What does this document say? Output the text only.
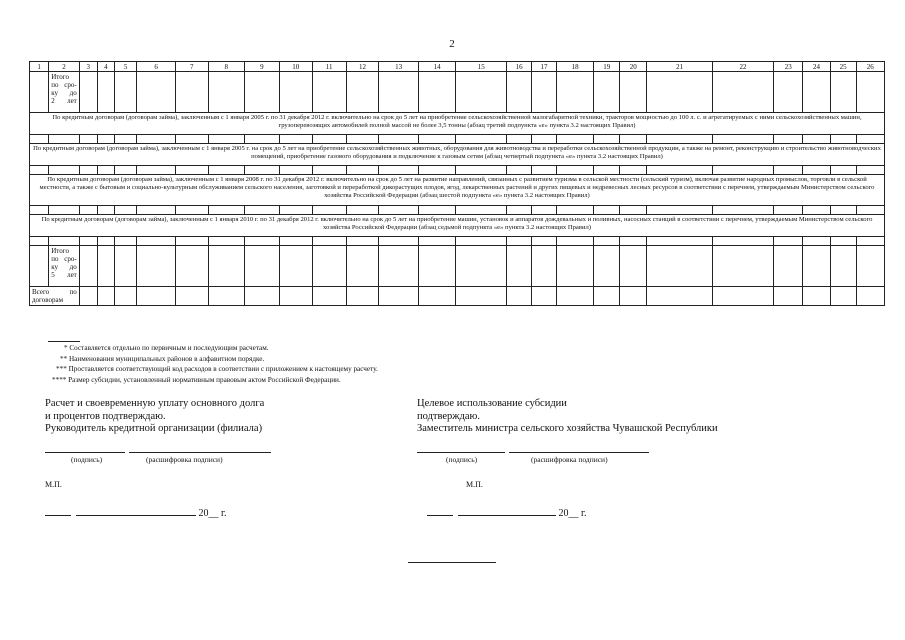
2
1	2	3	4	5	6	7	8	9	10	11	12	13	14	15	16	17	18	19	20	21	22	23	24	25	26

	Итого
по сро-
ку до
2 лет																								

По кредитным договорам (договорам займа), заключенным с 1 января 2005 г. по 31 декабря 2012 г. включительно на срок до 5 лет на приобретение сельскохозяйственной малогабаритной техники, тракторов мощностью до 100 л. с. и агрегатируемых с ними сельскохозяйственных машин, грузоперевозящих автомобилей полной массой не более 3,5 тонны (абзац третий подпункта «е» пункта 3.2 настоящих Правил)																									

По кредитным договорам (договорам займа), заключенным с 1 января 2005 г. на срок до 5 лет на приобретение сельскохозяйственных животных, оборудования для животноводства и переработки сельскохозяйственной продукции, а также на ремонт, реконструкцию и строительство животноводческих помещений, приобретение газового оборудования и подключение к газовым сетям (абзац четвертый подпункта «е» пункта 3.2 настоящих Правил)																									

По кредитным договорам (договорам займа), заключенным с 1 января 2008 г. по 31 декабря 2012 г. включительно на срок до 5 лет на развитие направлений, связанных с развитием туризма в сельской местности (сельский туризм), включая развитие народных промыслов, торговли в сельской местности, а также с бытовым и социально-культурным обслуживанием сельского населения, заготовкой и переработкой дикорастущих плодов, ягод, лекарственных растений и других пищевых и недревесных лесных ресурсов в соответствии с перечнем, утверждаемым Министерством сельского хозяйства Российской Федерации (абзац шестой подпункта «е» пункта 3.2 настоящих Правил)																									

По кредитным договорам (договорам займа), заключенным с 1 января 2010 г. по 31 декабря 2012 г. включительно на срок до 5 лет на приобретение машин, установок и аппаратов дождевальных и поливных, насосных станций в соответствии с перечнем, утверждаемым Министерством сельского хозяйства Российской Федерации (абзац седьмой подпункта «е» пункта 3.2 настоящих Правил)																									

	Итого
по сро-
ку до
5 лет																								

Всего по
договорам																									

* Составляется отдельно по первичным и последующим расчетам.
** Наименования муниципальных районов в алфавитном порядке.
*** Проставляется соответствующий код расходов в соответствии с приложением к настоящему расчету.
**** Размер субсидии, установленный нормативным правовым актом Российской Федерации.
Расчет и своевременную уплату основного долга
и процентов подтверждаю.
Руководитель кредитной организации (филиала)
Целевое использование субсидии
подтверждаю.
Заместитель министра сельского хозяйства Чувашской Республики
(подпись)	(расшифровка подписи)
М.П.
20__ г.
(подпись)	(расшифровка подписи)
М.П.
20__ г.
